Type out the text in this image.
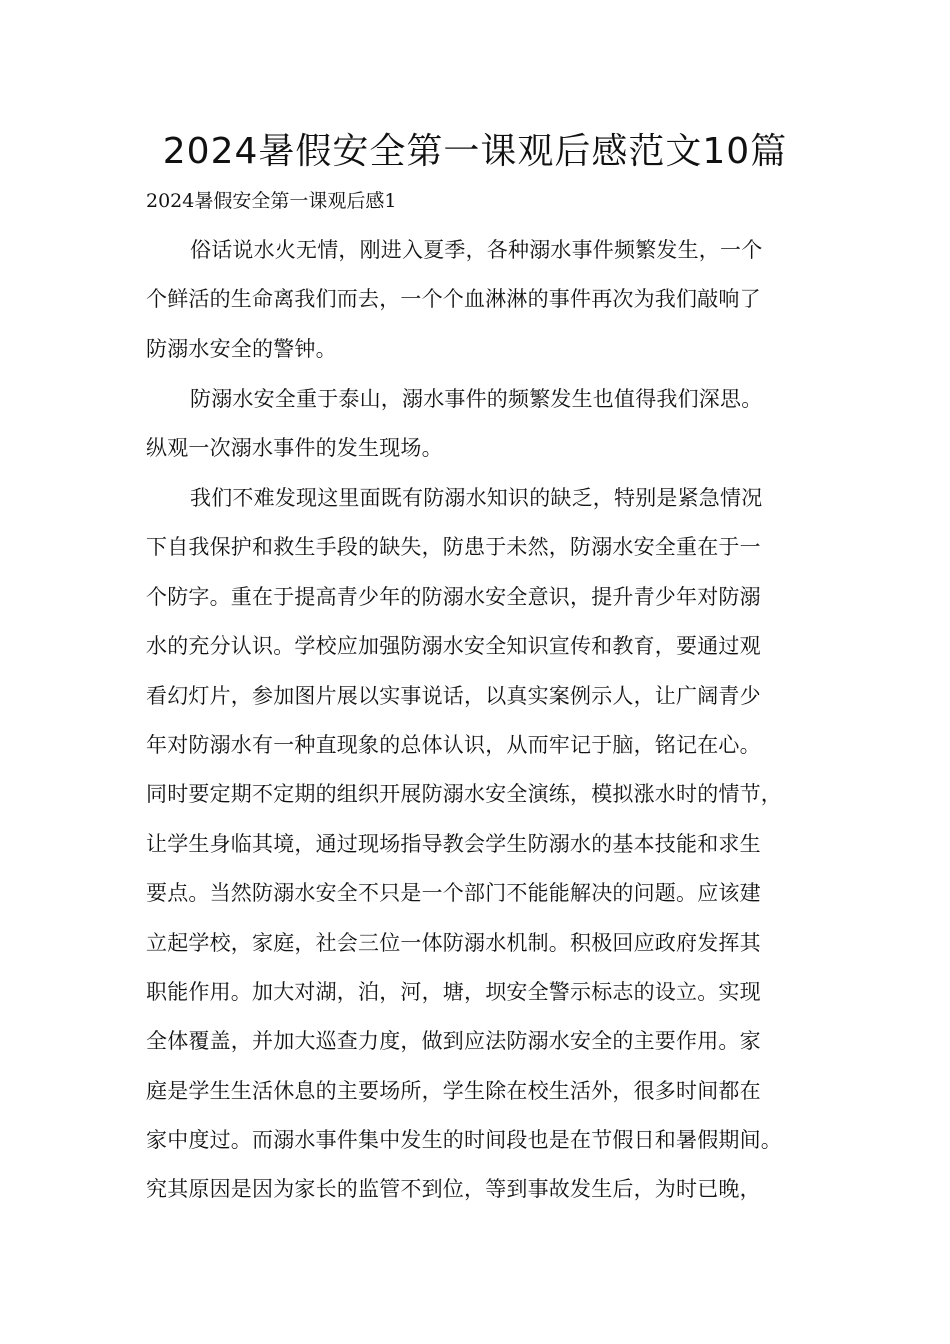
2024暑假安全第一课观后感范文10篇
2024暑假安全第一课观后感1
俗话说水火无情，刚进入夏季，各种溺水事件频繁发生，一个
个鲜活的生命离我们而去，一个个血淋淋的事件再次为我们敲响了
防溺水安全的警钟。
防溺水安全重于泰山，溺水事件的频繁发生也值得我们深思。
纵观一次溺水事件的发生现场。
我们不难发现这里面既有防溺水知识的缺乏，特别是紧急情况
下自我保护和救生手段的缺失，防患于未然，防溺水安全重在于一
个防字。重在于提高青少年的防溺水安全意识，提升青少年对防溺
水的充分认识。学校应加强防溺水安全知识宣传和教育，要通过观
看幻灯片，参加图片展以实事说话，以真实案例示人，让广阔青少
年对防溺水有一种直现象的总体认识，从而牢记于脑，铭记在心。
同时要定期不定期的组织开展防溺水安全演练，模拟涨水时的情节，
让学生身临其境，通过现场指导教会学生防溺水的基本技能和求生
要点。当然防溺水安全不只是一个部门不能能解决的问题。应该建
立起学校，家庭，社会三位一体防溺水机制。积极回应政府发挥其
职能作用。加大对湖，泊，河，塘，坝安全警示标志的设立。实现
全体覆盖，并加大巡查力度，做到应法防溺水安全的主要作用。家
庭是学生生活休息的主要场所，学生除在校生活外，很多时间都在
家中度过。而溺水事件集中发生的时间段也是在节假日和暑假期间。
究其原因是因为家长的监管不到位，等到事故发生后，为时已晚，
